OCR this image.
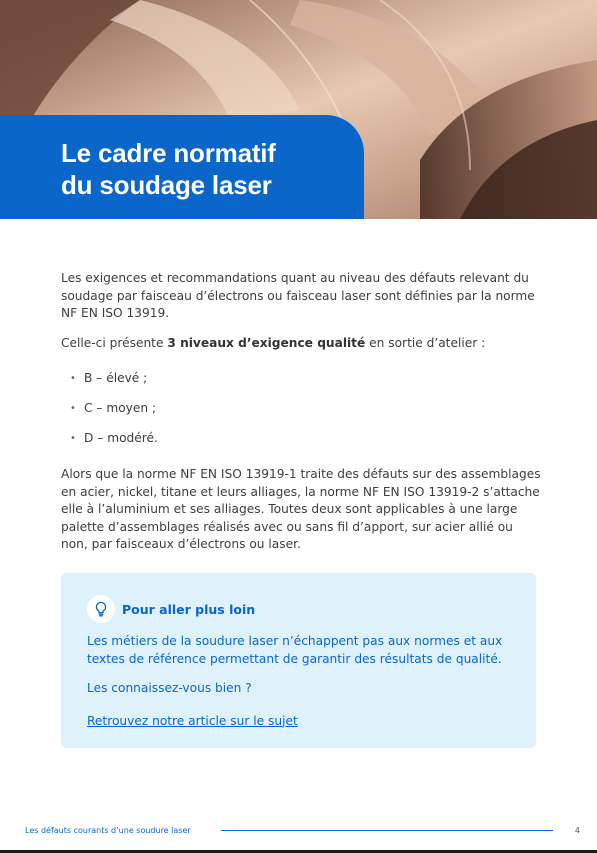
Le cadre normatif
du soudage laser

Les exigences et recommandations quant au niveau des défauts relevant du soudage par faisceau d’électrons ou faisceau laser sont définies par la norme NF EN ISO 13919.

Celle-ci présente 3 niveaux d’exigence qualité en sortie d’atelier :

• B – élevé ;
• C – moyen ;
• D – modéré.

Alors que la norme NF EN ISO 13919-1 traite des défauts sur des assemblages en acier, nickel, titane et leurs alliages, la norme NF EN ISO 13919-2 s’attache elle à l’aluminium et ses alliages. Toutes deux sont applicables à une large palette d’assemblages réalisés avec ou sans fil d’apport, sur acier allié ou non, par faisceaux d’électrons ou laser.

Pour aller plus loin

Les métiers de la soudure laser n’échappent pas aux normes et aux textes de référence permettant de garantir des résultats de qualité.

Les connaissez-vous bien ?

Retrouvez notre article sur le sujet
Les défauts courants d’une soudure laser	4
